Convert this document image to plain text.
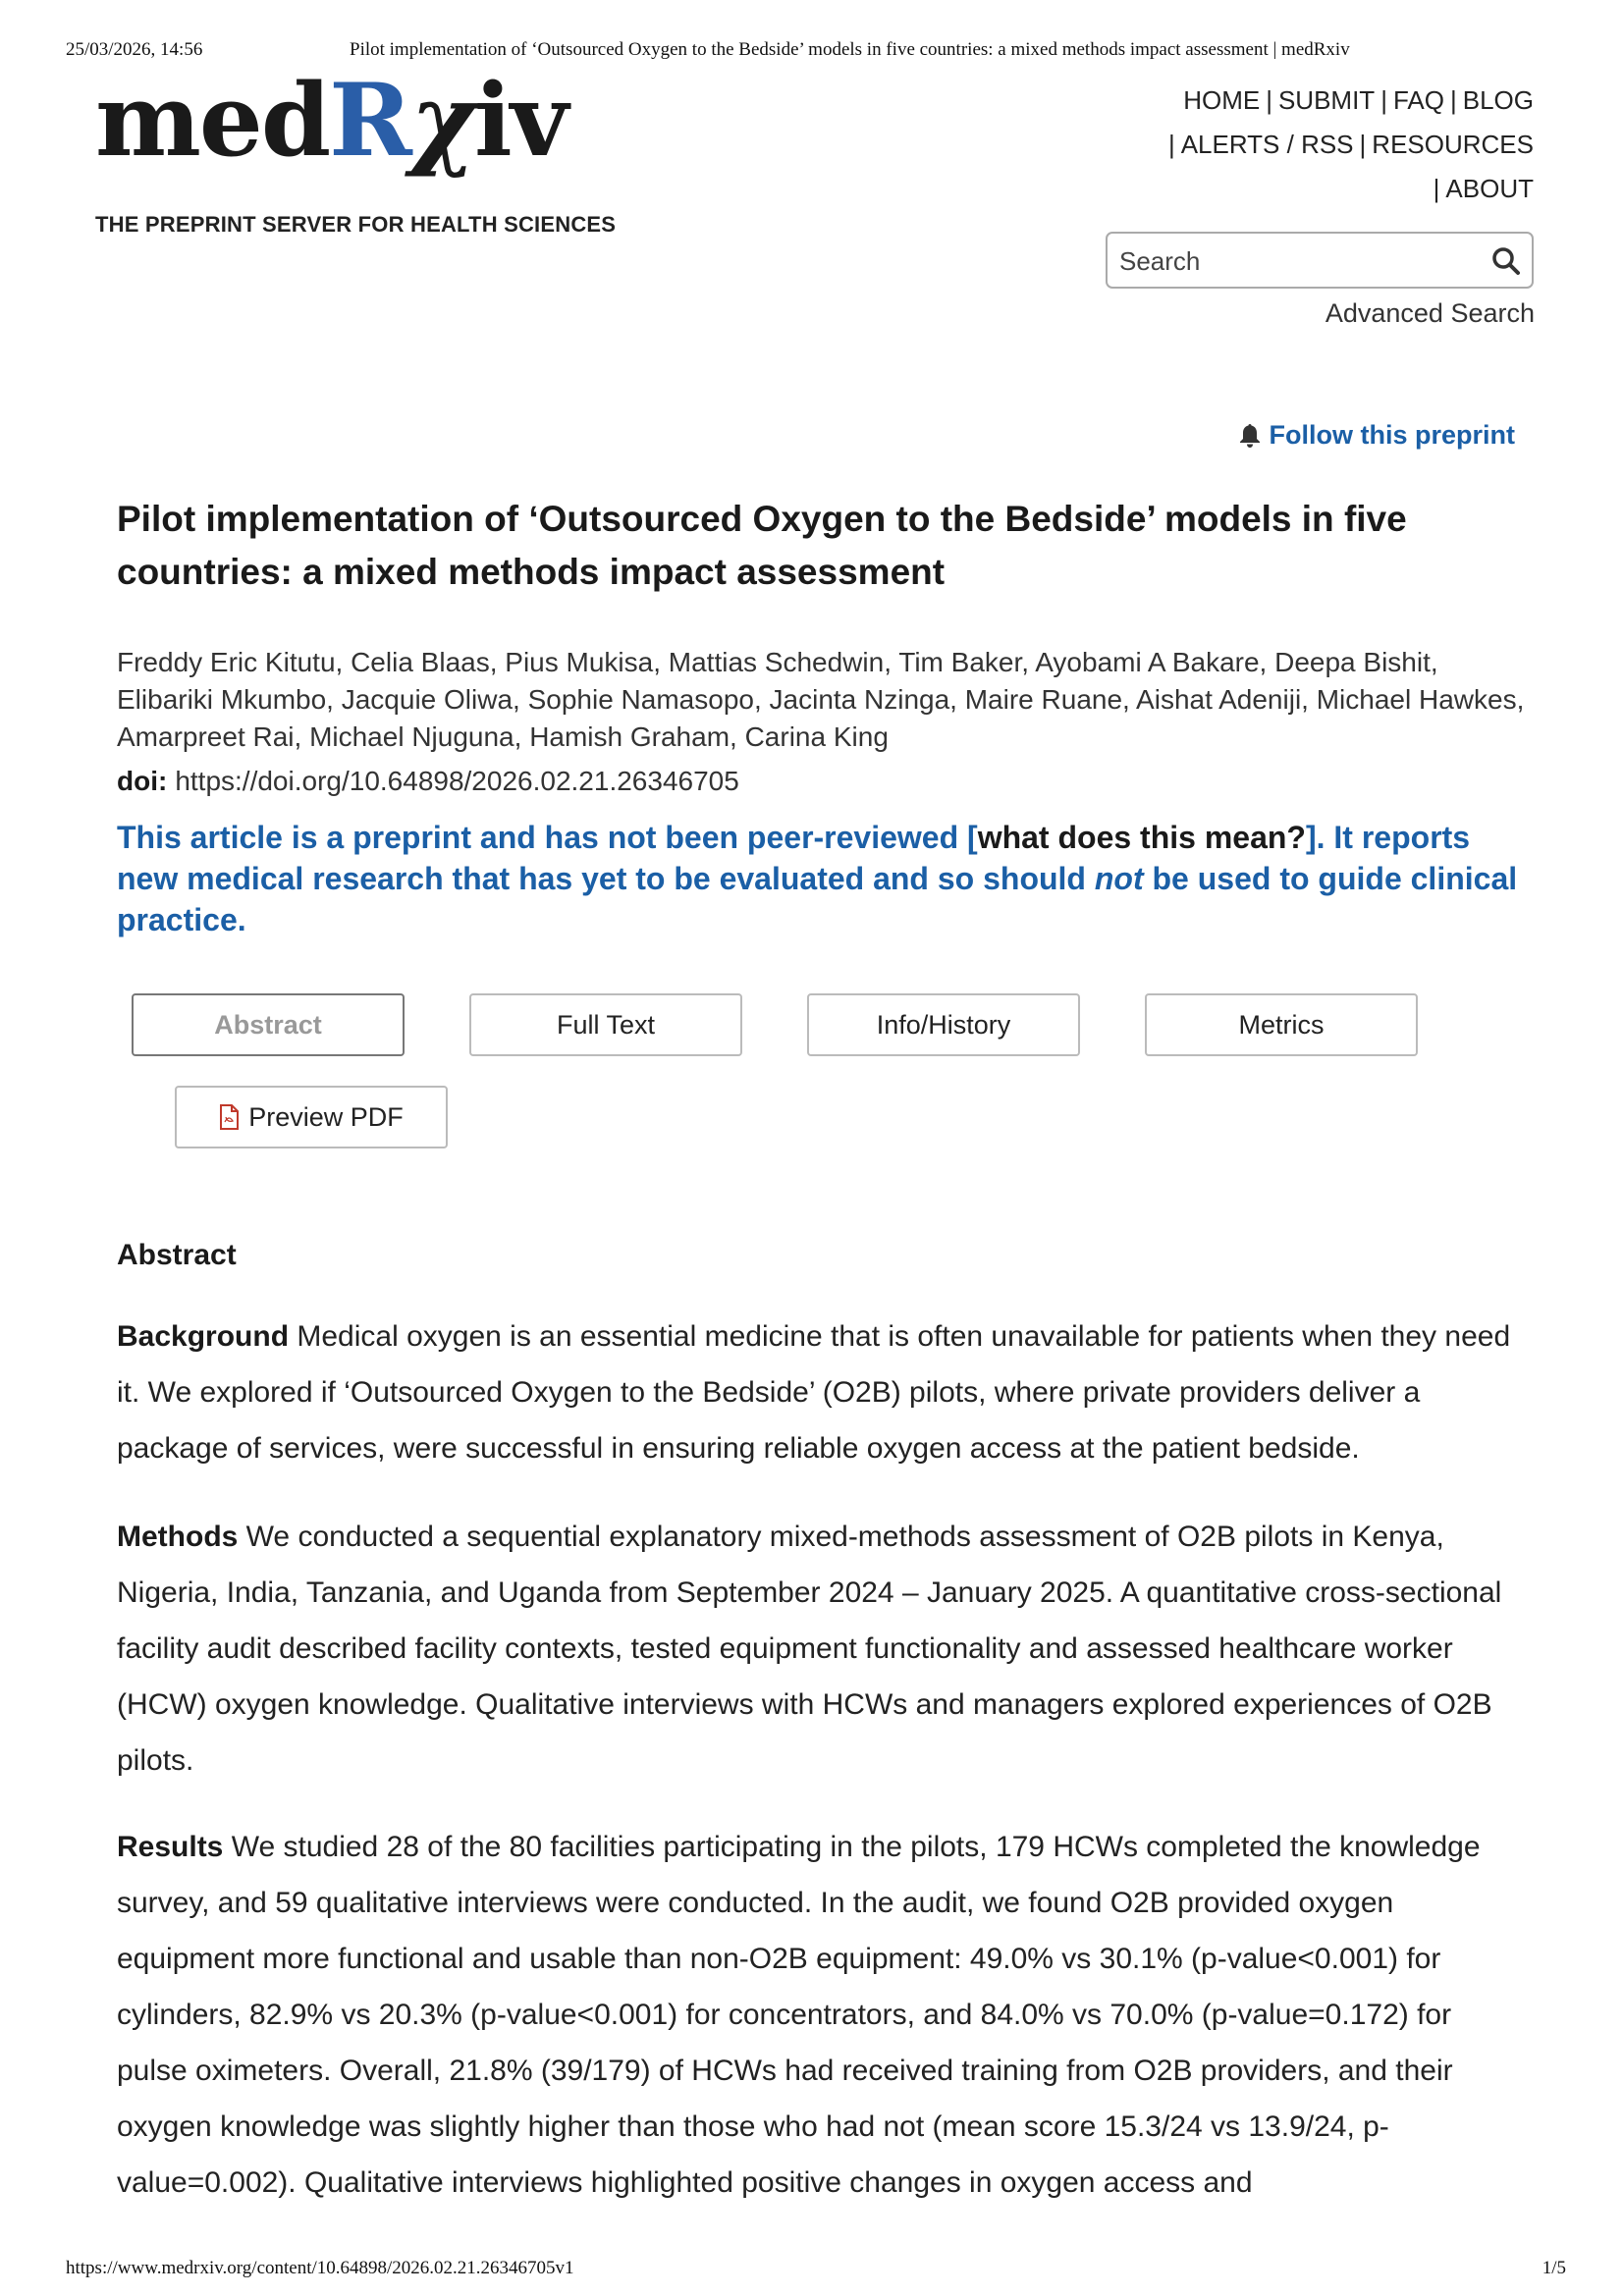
25/03/2026, 14:56	Pilot implementation of ‘Outsourced Oxygen to the Bedside’ models in five countries: a mixed methods impact assessment | medRxiv
medRχiv
THE PREPRINT SERVER FOR HEALTH SCIENCES
HOME | SUBMIT | FAQ | BLOG
| ALERTS / RSS | RESOURCES
| ABOUT
Search
Advanced Search
Follow this preprint
Pilot implementation of ‘Outsourced Oxygen to the Bedside’ models in five countries: a mixed methods impact assessment

Freddy Eric Kitutu, Celia Blaas, Pius Mukisa, Mattias Schedwin, Tim Baker, Ayobami A Bakare, Deepa Bishit, Elibariki Mkumbo, Jacquie Oliwa, Sophie Namasopo, Jacinta Nzinga, Maire Ruane, Aishat Adeniji, Michael Hawkes, Amarpreet Rai, Michael Njuguna, Hamish Graham, Carina King

doi: https://doi.org/10.64898/2026.02.21.26346705

This article is a preprint and has not been peer-reviewed [what does this mean?]. It reports new medical research that has yet to be evaluated and so should not be used to guide clinical practice.

Abstract	Full Text	Info/History	Metrics
Preview PDF
Abstract

Background Medical oxygen is an essential medicine that is often unavailable for patients when they need it. We explored if ‘Outsourced Oxygen to the Bedside’ (O2B) pilots, where private providers deliver a package of services, were successful in ensuring reliable oxygen access at the patient bedside.

Methods We conducted a sequential explanatory mixed-methods assessment of O2B pilots in Kenya, Nigeria, India, Tanzania, and Uganda from September 2024 – January 2025. A quantitative cross-sectional facility audit described facility contexts, tested equipment functionality and assessed healthcare worker (HCW) oxygen knowledge. Qualitative interviews with HCWs and managers explored experiences of O2B pilots.

Results We studied 28 of the 80 facilities participating in the pilots, 179 HCWs completed the knowledge survey, and 59 qualitative interviews were conducted. In the audit, we found O2B provided oxygen equipment more functional and usable than non-O2B equipment: 49.0% vs 30.1% (p-value<0.001) for cylinders, 82.9% vs 20.3% (p-value<0.001) for concentrators, and 84.0% vs 70.0% (p-value=0.172) for pulse oximeters. Overall, 21.8% (39/179) of HCWs had received training from O2B providers, and their oxygen knowledge was slightly higher than those who had not (mean score 15.3/24 vs 13.9/24, p-value=0.002). Qualitative interviews highlighted positive changes in oxygen access and

https://www.medrxiv.org/content/10.64898/2026.02.21.26346705v1	1/5
